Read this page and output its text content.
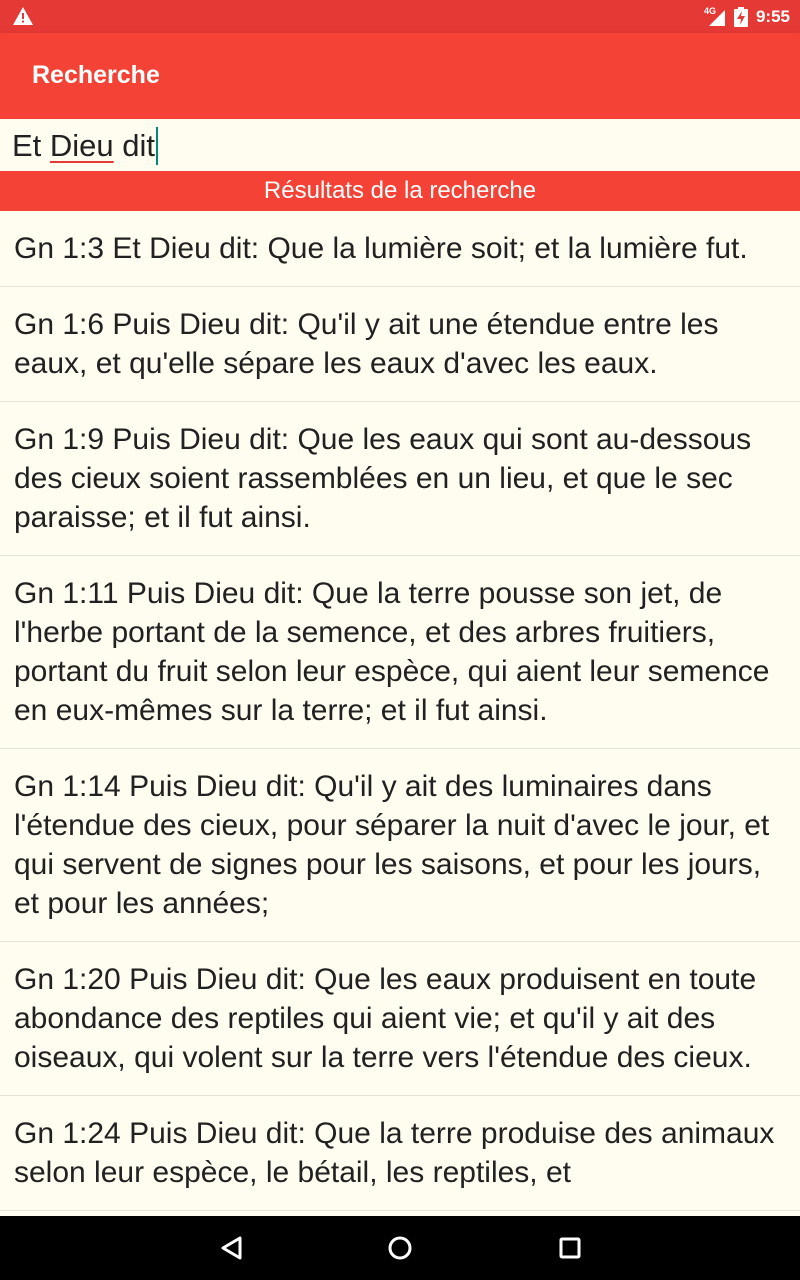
4G 9:55
Recherche
Et Dieu dit
Résultats de la recherche
Gn 1:3 Et Dieu dit: Que la lumière soit; et la lumière fut.
Gn 1:6 Puis Dieu dit: Qu'il y ait une étendue entre les eaux, et qu'elle sépare les eaux d'avec les eaux.
Gn 1:9 Puis Dieu dit: Que les eaux qui sont au-dessous des cieux soient rassemblées en un lieu, et que le sec paraisse; et il fut ainsi.
Gn 1:11 Puis Dieu dit: Que la terre pousse son jet, de l'herbe portant de la semence, et des arbres fruitiers, portant du fruit selon leur espèce, qui aient leur semence en eux-mêmes sur la terre; et il fut ainsi.
Gn 1:14 Puis Dieu dit: Qu'il y ait des luminaires dans l'étendue des cieux, pour séparer la nuit d'avec le jour, et qui servent de signes pour les saisons, et pour les jours, et pour les années;
Gn 1:20 Puis Dieu dit: Que les eaux produisent en toute abondance des reptiles qui aient vie; et qu'il y ait des oiseaux, qui volent sur la terre vers l'étendue des cieux.
Gn 1:24 Puis Dieu dit: Que la terre produise des animaux selon leur espèce, le bétail, les reptiles, et
